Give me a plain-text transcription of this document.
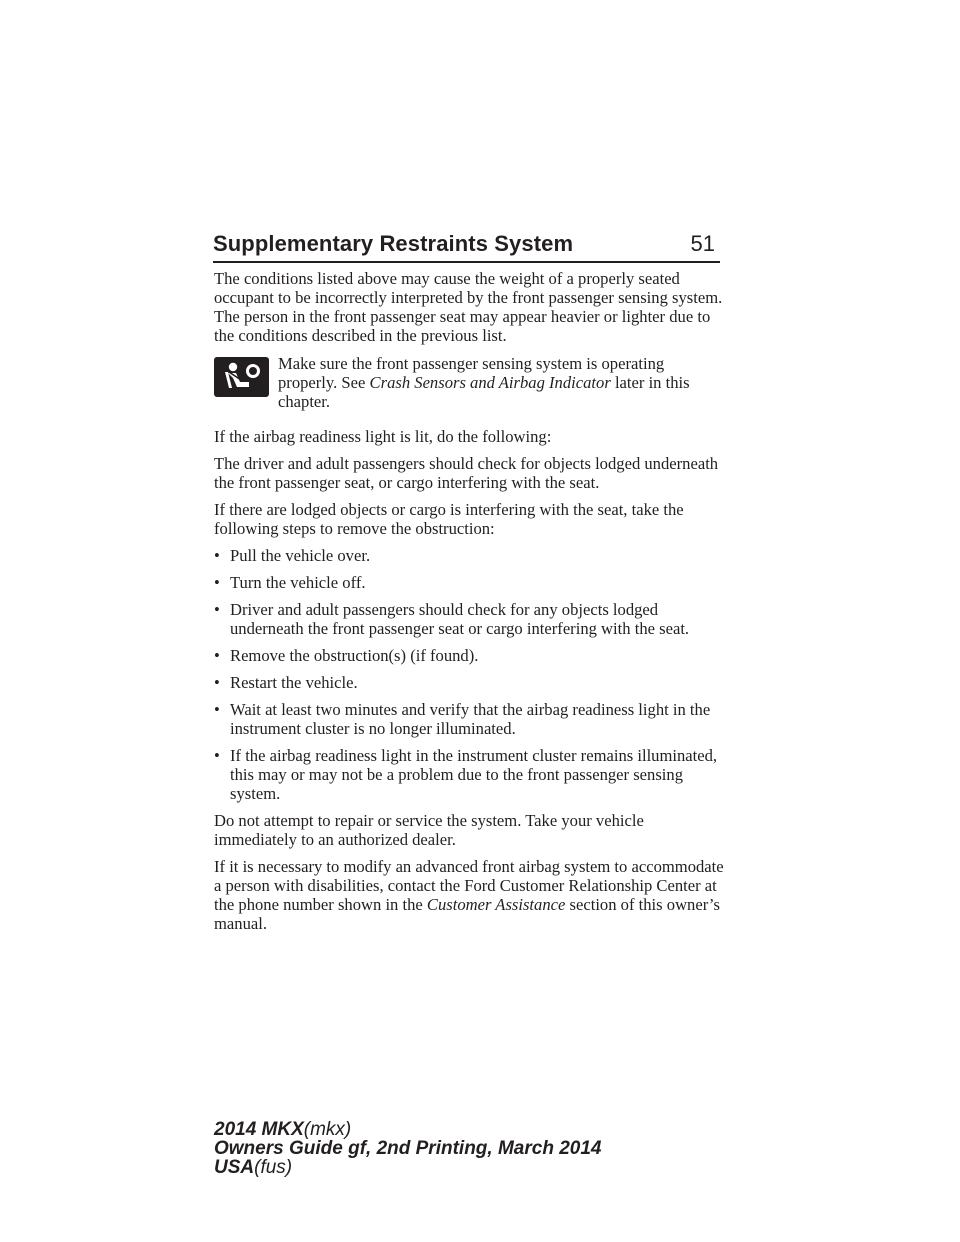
Supplementary Restraints System	51

The conditions listed above may cause the weight of a properly seated occupant to be incorrectly interpreted by the front passenger sensing system. The person in the front passenger seat may appear heavier or lighter due to the conditions described in the previous list.

Make sure the front passenger sensing system is operating properly. See Crash Sensors and Airbag Indicator later in this chapter.

If the airbag readiness light is lit, do the following:

The driver and adult passengers should check for objects lodged underneath the front passenger seat, or cargo interfering with the seat.

If there are lodged objects or cargo is interfering with the seat, take the following steps to remove the obstruction:

• Pull the vehicle over.
• Turn the vehicle off.
• Driver and adult passengers should check for any objects lodged underneath the front passenger seat or cargo interfering with the seat.
• Remove the obstruction(s) (if found).
• Restart the vehicle.
• Wait at least two minutes and verify that the airbag readiness light in the instrument cluster is no longer illuminated.
• If the airbag readiness light in the instrument cluster remains illuminated, this may or may not be a problem due to the front passenger sensing system.

Do not attempt to repair or service the system. Take your vehicle immediately to an authorized dealer.

If it is necessary to modify an advanced front airbag system to accommodate a person with disabilities, contact the Ford Customer Relationship Center at the phone number shown in the Customer Assistance section of this owner’s manual.

2014 MKX(mkx)
Owners Guide gf, 2nd Printing, March 2014
USA(fus)
